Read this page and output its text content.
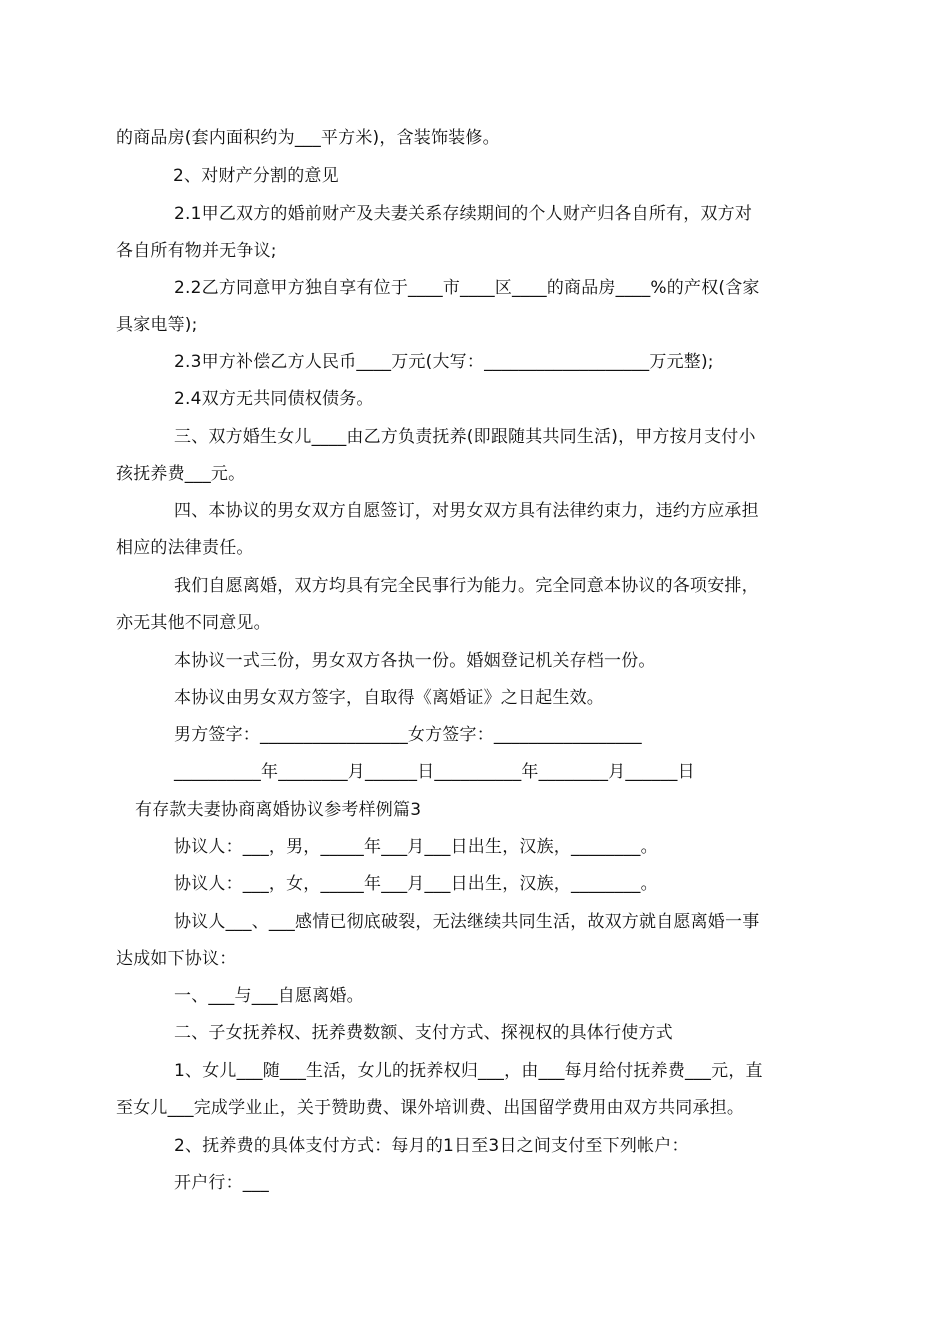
的商品房(套内面积约为___平方米)，含装饰装修。
2、对财产分割的意见
2.1甲乙双方的婚前财产及夫妻关系存续期间的个人财产归各自所有，双方对
各自所有物并无争议;
2.2乙方同意甲方独自享有位于____市____区____的商品房____%的产权(含家
具家电等);
2.3甲方补偿乙方人民币____万元(大写：___________________万元整);
2.4双方无共同债权债务。
三、双方婚生女儿____由乙方负责抚养(即跟随其共同生活)，甲方按月支付小
孩抚养费___元。
四、本协议的男女双方自愿签订，对男女双方具有法律约束力，违约方应承担
相应的法律责任。
我们自愿离婚，双方均具有完全民事行为能力。完全同意本协议的各项安排，
亦无其他不同意见。
本协议一式三份，男女双方各执一份。婚姻登记机关存档一份。
本协议由男女双方签字，自取得《离婚证》之日起生效。
男方签字：_________________女方签字：_________________
__________年________月______日__________年________月______日
有存款夫妻协商离婚协议参考样例篇3
协议人：___，男，_____年___月___日出生，汉族，________。
协议人：___，女，_____年___月___日出生，汉族，________。
协议人___、___感情已彻底破裂，无法继续共同生活，故双方就自愿离婚一事
达成如下协议：
一、___与___自愿离婚。
二、子女抚养权、抚养费数额、支付方式、探视权的具体行使方式
1、女儿___随___生活，女儿的抚养权归___，由___每月给付抚养费___元，直
至女儿___完成学业止，关于赞助费、课外培训费、出国留学费用由双方共同承担。
2、抚养费的具体支付方式：每月的1日至3日之间支付至下列帐户：
开户行：___
